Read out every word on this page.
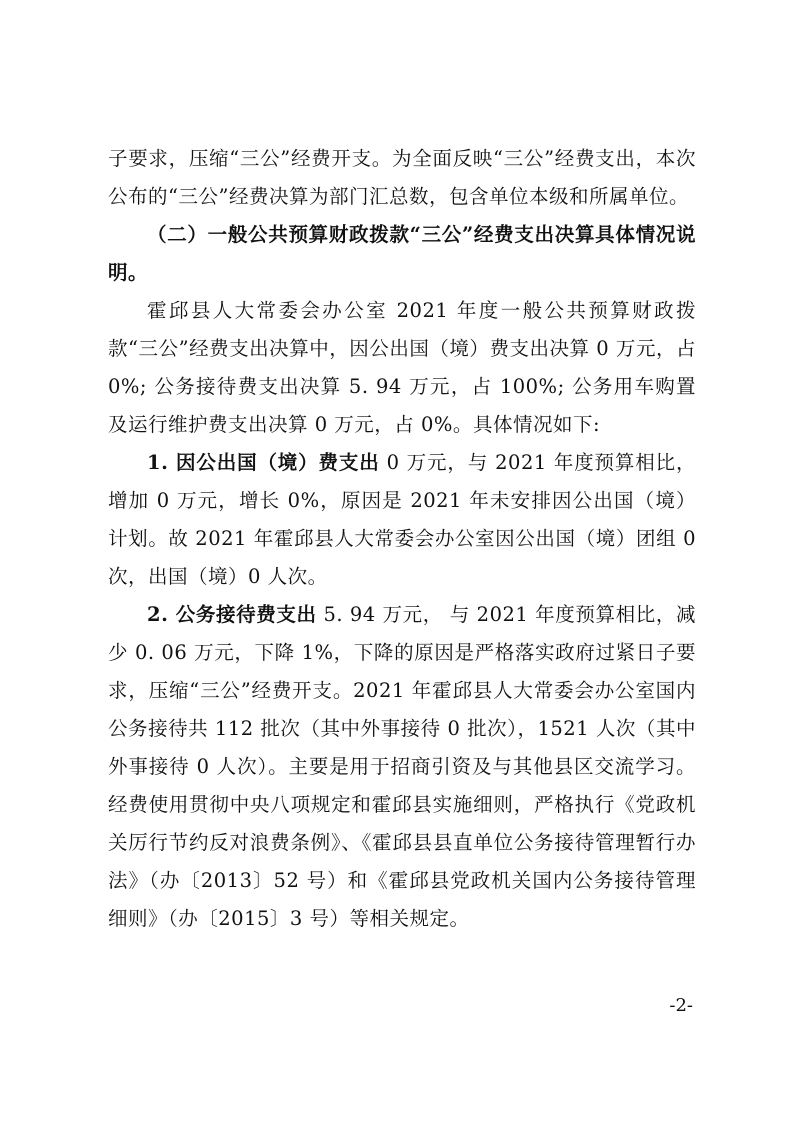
子要求，压缩“三公”经费开支。为全面反映“三公”经费支出，本次公布的“三公”经费决算为部门汇总数，包含单位本级和所属单位。

（二）一般公共预算财政拨款“三公”经费支出决算具体情况说明。

霍邱县人大常委会办公室 2021 年度一般公共预算财政拨款“三公”经费支出决算中，因公出国（境）费支出决算 0 万元，占 0%; 公务接待费支出决算 5. 94 万元，占 100%; 公务用车购置及运行维护费支出决算 0 万元，占 0%。具体情况如下:

1. 因公出国（境）费支出 0 万元，与 2021 年度预算相比，增加 0 万元，增长 0%，原因是 2021 年未安排因公出国（境） 计划。故 2021 年霍邱县人大常委会办公室因公出国（境）团组 0 次，出国（境）0 人次。

2. 公务接待费支出 5. 94 万元， 与 2021 年度预算相比，减少 0. 06 万元，下降 1%，下降的原因是严格落实政府过紧日子要求，压缩“三公”经费开支。2021 年霍邱县人大常委会办公室国内公务接待共 112 批次（其中外事接待 0 批次），1521 人次（其中外事接待 0 人次）。主要是用于招商引资及与其他县区交流学习。经费使用贯彻中央八项规定和霍邱县实施细则，严格执行《党政机关厉行节约反对浪费条例》、《霍邱县县直单位公务接待管理暂行办法》（办〔2013〕52 号）和《霍邱县党政机关国内公务接待管理细则》（办〔2015〕3 号）等相关规定。

-2-
